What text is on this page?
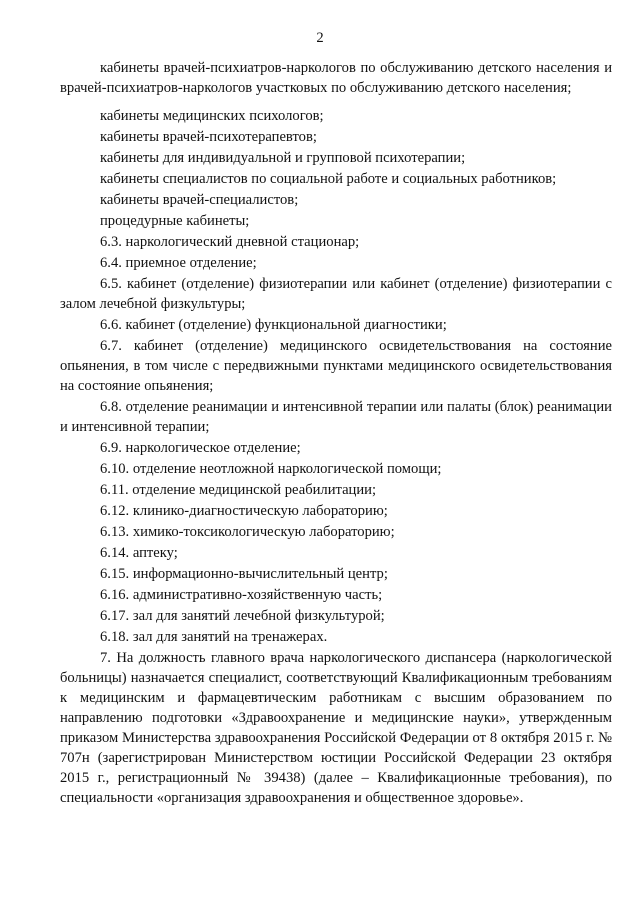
2

кабинеты врачей-психиатров-наркологов по обслуживанию детского населения и врачей-психиатров-наркологов участковых по обслуживанию детского населения;

кабинеты медицинских психологов;

кабинеты врачей-психотерапевтов;

кабинеты для индивидуальной и групповой психотерапии;

кабинеты специалистов по социальной работе и социальных работников;

кабинеты врачей-специалистов;

процедурные кабинеты;

6.3. наркологический дневной стационар;

6.4. приемное отделение;

6.5. кабинет (отделение) физиотерапии или кабинет (отделение) физиотерапии с залом лечебной физкультуры;

6.6. кабинет (отделение) функциональной диагностики;

6.7. кабинет (отделение) медицинского освидетельствования на состояние опьянения, в том числе с передвижными пунктами медицинского освидетельствования на состояние опьянения;

6.8. отделение реанимации и интенсивной терапии или палаты (блок) реанимации и интенсивной терапии;

6.9. наркологическое отделение;

6.10. отделение неотложной наркологической помощи;

6.11. отделение медицинской реабилитации;

6.12. клинико-диагностическую лабораторию;

6.13. химико-токсикологическую лабораторию;

6.14. аптеку;

6.15. информационно-вычислительный центр;

6.16. административно-хозяйственную часть;

6.17. зал для занятий лечебной физкультурой;

6.18. зал для занятий на тренажерах.

7. На должность главного врача наркологического диспансера (наркологической больницы) назначается специалист, соответствующий Квалификационным требованиям к медицинским и фармацевтическим работникам с высшим образованием по направлению подготовки «Здравоохранение и медицинские науки», утвержденным приказом Министерства здравоохранения Российской Федерации от 8 октября 2015 г. № 707н (зарегистрирован Министерством юстиции Российской Федерации 23 октября 2015 г., регистрационный № 39438) (далее – Квалификационные требования), по специальности «организация здравоохранения и общественное здоровье».
